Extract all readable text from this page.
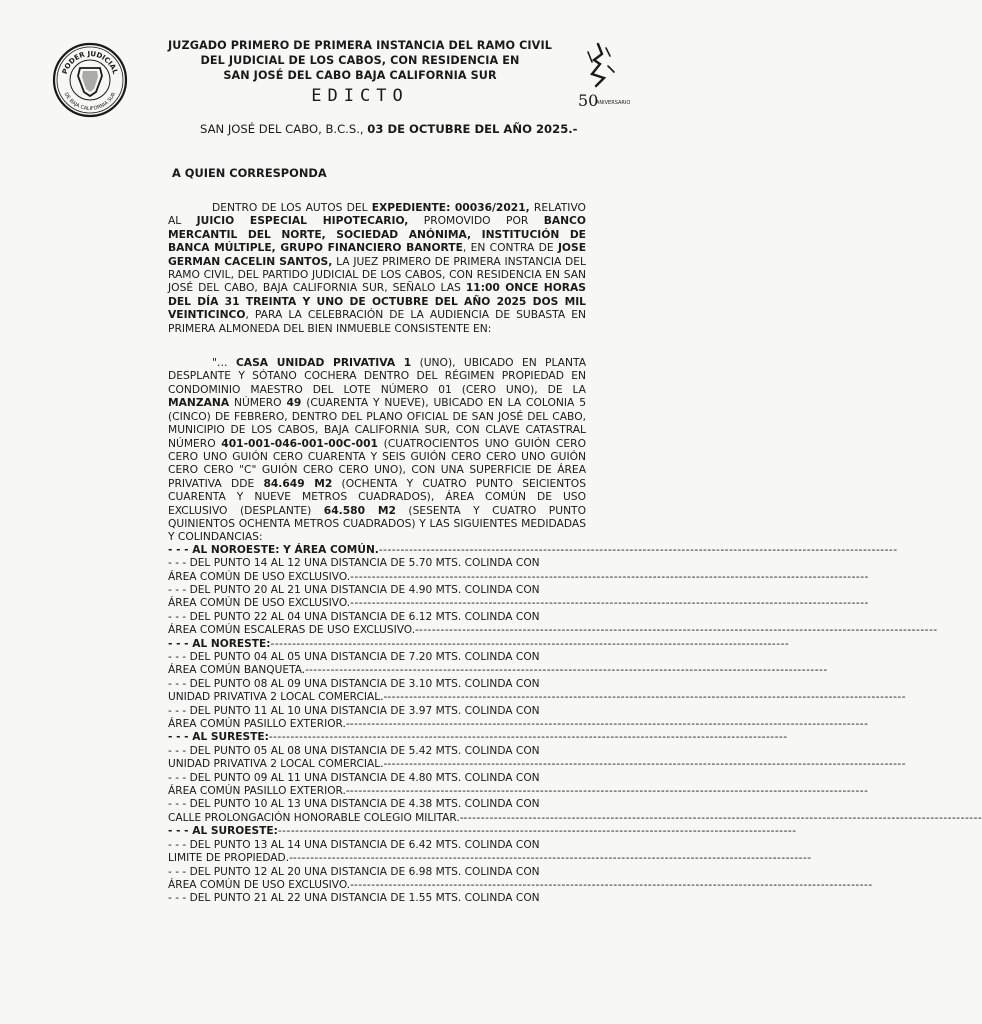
PODER JUDICIAL
DE BAJA CALIFORNIA SUR	50
ANIVERSARIO
JUZGADO PRIMERO DE PRIMERA INSTANCIA DEL RAMO CIVIL
DEL JUDICIAL DE LOS CABOS, CON RESIDENCIA EN
SAN JOSÉ DEL CABO BAJA CALIFORNIA SUR
EDICTO
SAN JOSÉ DEL CABO, B.C.S., 03 DE OCTUBRE DEL AÑO 2025.-
A QUIEN CORRESPONDA

DENTRO DE LOS AUTOS DEL EXPEDIENTE: 00036/2021, RELATIVO AL JUICIO ESPECIAL HIPOTECARIO, PROMOVIDO POR BANCO MERCANTIL DEL NORTE, SOCIEDAD ANÓNIMA, INSTITUCIÓN DE BANCA MÚLTIPLE, GRUPO FINANCIERO BANORTE, EN CONTRA DE JOSE GERMAN CACELIN SANTOS, LA JUEZ PRIMERO DE PRIMERA INSTANCIA DEL RAMO CIVIL, DEL PARTIDO JUDICIAL DE LOS CABOS, CON RESIDENCIA EN SAN JOSÉ DEL CABO, BAJA CALIFORNIA SUR, SEÑALO LAS 11:00 ONCE HORAS DEL DÍA 31 TREINTA Y UNO DE OCTUBRE DEL AÑO 2025 DOS MIL VEINTICINCO, PARA LA CELEBRACIÓN DE LA AUDIENCIA DE SUBASTA EN PRIMERA ALMONEDA DEL BIEN INMUEBLE CONSISTENTE EN:

"… CASA UNIDAD PRIVATIVA 1 (UNO), UBICADO EN PLANTA DESPLANTE Y SÓTANO COCHERA DENTRO DEL RÉGIMEN PROPIEDAD EN CONDOMINIO MAESTRO DEL LOTE NÚMERO 01 (CERO UNO), DE LA MANZANA NÚMERO 49 (CUARENTA Y NUEVE), UBICADO EN LA COLONIA 5 (CINCO) DE FEBRERO, DENTRO DEL PLANO OFICIAL DE SAN JOSÉ DEL CABO, MUNICIPIO DE LOS CABOS, BAJA CALIFORNIA SUR, CON CLAVE CATASTRAL NÚMERO 401-001-046-001-00C-001 (CUATROCIENTOS UNO GUIÓN CERO CERO UNO GUIÓN CERO CUARENTA Y SEIS GUIÓN CERO CERO UNO GUIÓN CERO CERO "C" GUIÓN CERO CERO UNO), CON UNA SUPERFICIE DE ÁREA PRIVATIVA DDE 84.649 M2 (OCHENTA Y CUATRO PUNTO SEICIENTOS CUARENTA Y NUEVE METROS CUADRADOS), ÁREA COMÚN DE USO EXCLUSIVO (DESPLANTE) 64.580 M2 (SESENTA Y CUATRO PUNTO QUINIENTOS OCHENTA METROS CUADRADOS) Y LAS SIGUIENTES MEDIDADAS Y COLINDANCIAS:

- - - AL NOROESTE: Y ÁREA COMÚN. ------------------------------------------------------------------------------------------------------------------------
- - - DEL PUNTO 14 AL 12 UNA DISTANCIA DE 5.70 MTS. COLINDA CON
ÁREA COMÚN DE USO EXCLUSIVO. ------------------------------------------------------------------------------------------------------------------------
- - - DEL PUNTO 20 AL 21 UNA DISTANCIA DE 4.90 MTS. COLINDA CON
ÁREA COMÚN DE USO EXCLUSIVO. ------------------------------------------------------------------------------------------------------------------------
- - - DEL PUNTO 22 AL 04 UNA DISTANCIA DE 6.12 MTS. COLINDA CON
ÁREA COMÚN ESCALERAS DE USO EXCLUSIVO.- ------------------------------------------------------------------------------------------------------------------------
- - - AL NORESTE: ------------------------------------------------------------------------------------------------------------------------
- - - DEL PUNTO 04 AL 05 UNA DISTANCIA DE 7.20 MTS. COLINDA CON
ÁREA COMÚN BANQUETA.- ------------------------------------------------------------------------------------------------------------------------
- - - DEL PUNTO 08 AL 09 UNA DISTANCIA DE 3.10 MTS. COLINDA CON
UNIDAD PRIVATIVA 2 LOCAL COMERCIAL.- ------------------------------------------------------------------------------------------------------------------------
- - - DEL PUNTO 11 AL 10 UNA DISTANCIA DE 3.97 MTS. COLINDA CON
ÁREA COMÚN PASILLO EXTERIOR.- ------------------------------------------------------------------------------------------------------------------------
- - - AL SURESTE: ------------------------------------------------------------------------------------------------------------------------
- - - DEL PUNTO 05 AL 08 UNA DISTANCIA DE 5.42 MTS. COLINDA CON
UNIDAD PRIVATIVA 2 LOCAL COMERCIAL.- ------------------------------------------------------------------------------------------------------------------------
- - - DEL PUNTO 09 AL 11 UNA DISTANCIA DE 4.80 MTS. COLINDA CON
ÁREA COMÚN PASILLO EXTERIOR.- ------------------------------------------------------------------------------------------------------------------------
- - - DEL PUNTO 10 AL 13 UNA DISTANCIA DE 4.38 MTS. COLINDA CON
CALLE PROLONGACIÓN HONORABLE COLEGIO MILITAR.- ------------------------------------------------------------------------------------------------------------------------
- - - AL SUROESTE: ------------------------------------------------------------------------------------------------------------------------
- - - DEL PUNTO 13 AL 14 UNA DISTANCIA DE 6.42 MTS. COLINDA CON
LIMITE DE PROPIEDAD.- ------------------------------------------------------------------------------------------------------------------------
- - - DEL PUNTO 12 AL 20 UNA DISTANCIA DE 6.98 MTS. COLINDA CON
ÁREA COMÚN DE USO EXCLUSIVO.- ------------------------------------------------------------------------------------------------------------------------
- - - DEL PUNTO 21 AL 22 UNA DISTANCIA DE 1.55 MTS. COLINDA CON
